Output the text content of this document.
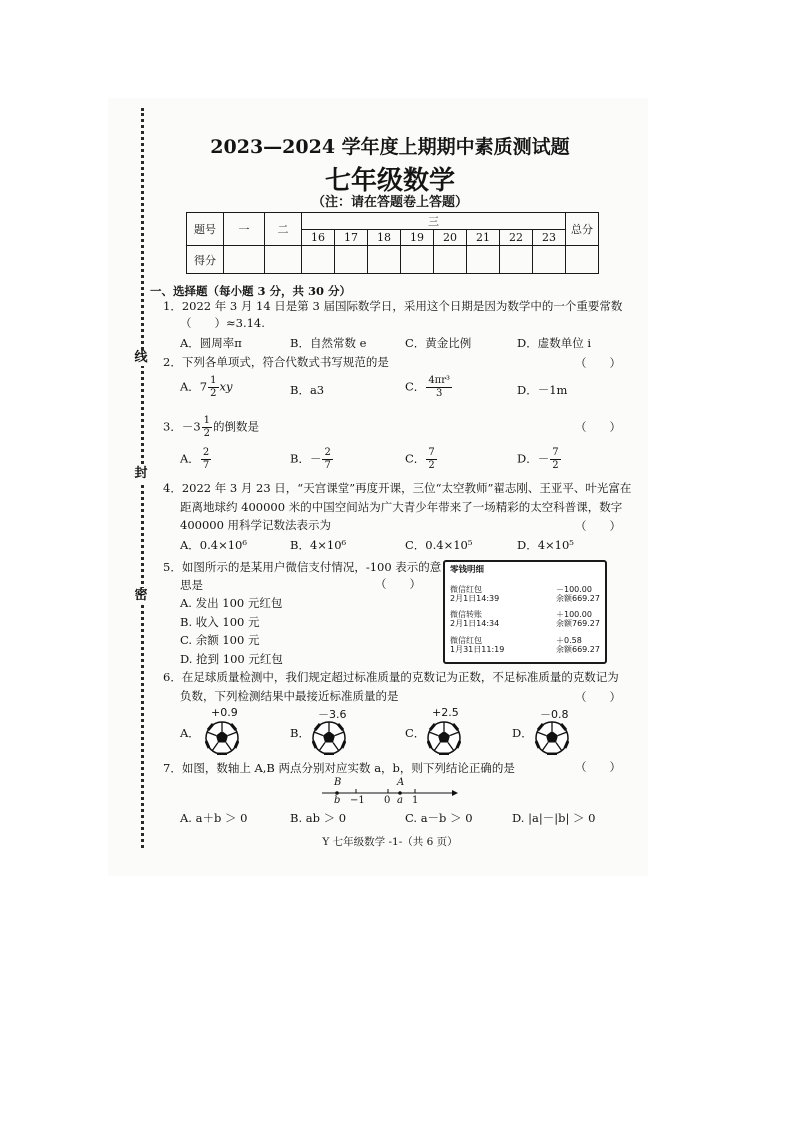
线
封
密
2023—2024 学年度上期期中素质测试题
七年级数学
（注：请在答题卷上答题）
题号	一	二	三								总分
			16	17	18	19	20	21	22	23	
得分											
一、选择题（每小题 3 分，共 30 分）
1．2022 年 3 月 14 日是第 3 届国际数学日，采用这个日期是因为数学中的一个重要常数
（　　）≈3.14.
A．圆周率π	B．自然常数 e	C．黄金比例	D．虚数单位 i
2．下列各单项式，符合代数式书写规范的是	（　　）
A．$7 \frac{1}{2}$ xy	B．a3	C． $\frac{\text{4πr³}}{3}$	D．－1m
3．$-3 \frac{1}{2}$ 的倒数是	（　　）
A． $\frac{2}{7}$	B．－ $\frac{2}{7}$	C． $\frac{7}{2}$	D．－ $\frac{7}{2}$
4．2022 年 3 月 23 日，“天宫课堂”再度开课，三位“太空教师”翟志刚、王亚平、叶光富在
距离地球约 400000 米的中国空间站为广大青少年带来了一场精彩的太空科普课，数字
400000 用科学记数法表示为	（　　）
A．0.4×10⁶	B．4×10⁶	C．0.4×10⁵	D．4×10⁵
5．如图所示的是某用户微信支付情况，-100 表示的意
思是	（　　）
A. 发出 100 元红包
B. 收入 100 元
C. 余额 100 元
D. 抢到 100 元红包
零钱明细
微信红包
2月1日14:39
－100.00
余额669.27
微信转账
2月1日14:34
＋100.00
余额769.27
微信红包
1月31日11:19
＋0.58
余额669.27
6．在足球质量检测中，我们规定超过标准质量的克数记为正数，不足标准质量的克数记为
负数，下列检测结果中最接近标准质量的是	（　　）
A．
+0.9
B．
－3.6
C．
+2.5
D．
－0.8
7．如图，数轴上 A,B 两点分别对应实数 a，b，则下列结论正确的是	（　　）
B
b
A
a
−1 0 1
A. a＋b ＞ 0	B. ab ＞ 0	C. a－b ＞ 0	D. |a|－|b| ＞ 0
Y 七年级数学 -1-（共 6 页）
